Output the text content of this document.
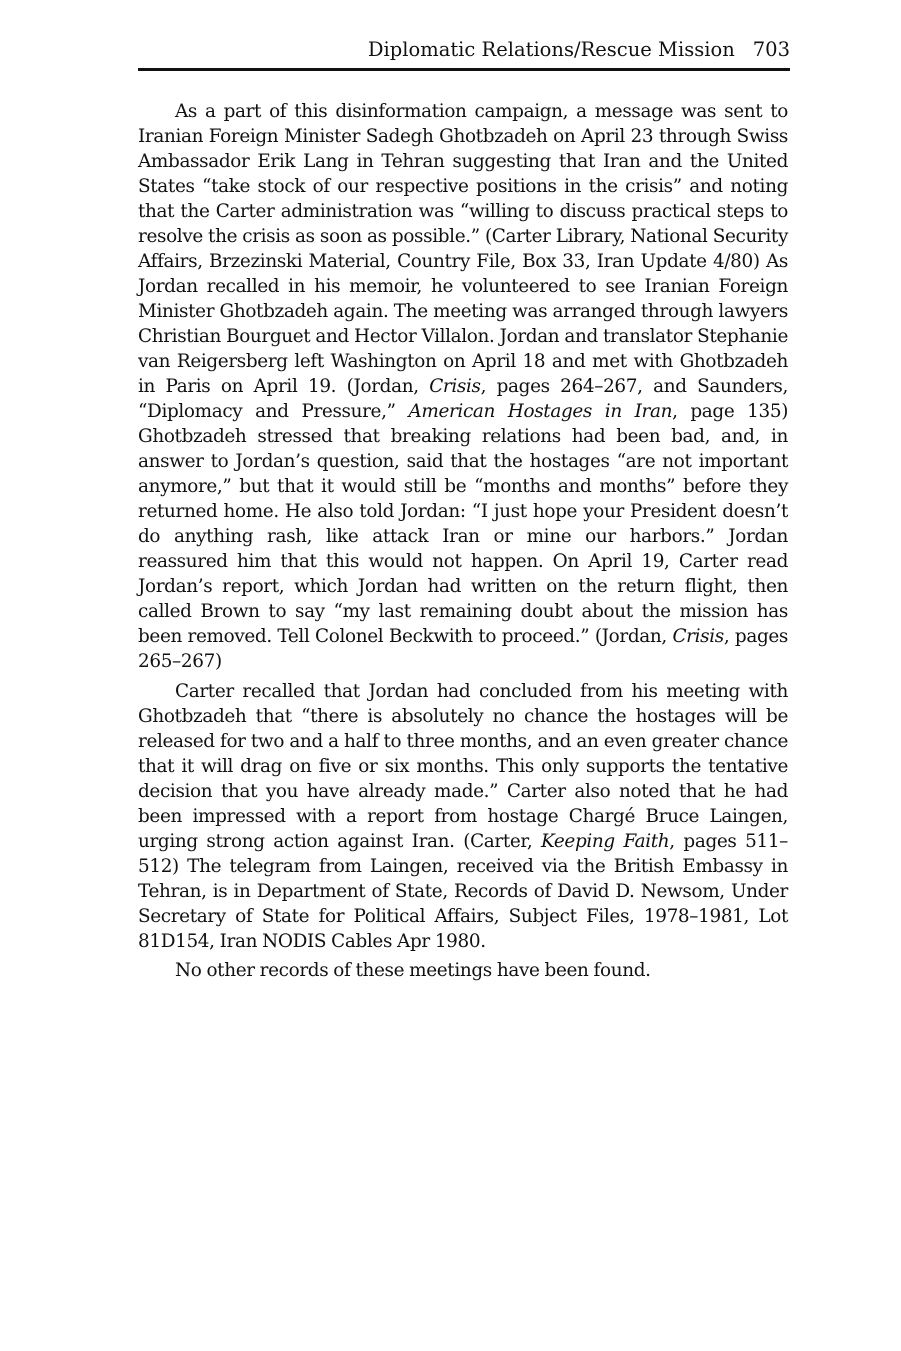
Diplomatic Relations/Rescue Mission 703

As a part of this disinformation campaign, a message was sent to Iranian Foreign Minister Sadegh Ghotbzadeh on April 23 through Swiss Ambassador Erik Lang in Tehran suggesting that Iran and the United States “take stock of our respective positions in the crisis” and noting that the Carter administration was “willing to discuss practical steps to resolve the crisis as soon as possible.” (Carter Library, National Security Affairs, Brzezinski Material, Country File, Box 33, Iran Update 4/80) As Jordan recalled in his memoir, he volunteered to see Iranian Foreign Minister Ghotbzadeh again. The meeting was arranged through lawyers Christian Bourguet and Hector Villalon. Jordan and translator Stephanie van Reigersberg left Washington on April 18 and met with Ghotbzadeh in Paris on April 19. (Jordan, Crisis, pages 264–267, and Saunders, “Diplomacy and Pressure,” American Hostages in Iran, page 135) Ghotbzadeh stressed that breaking relations had been bad, and, in answer to Jordan’s question, said that the hostages “are not important anymore,” but that it would still be “months and months” before they returned home. He also told Jordan: “I just hope your President doesn’t do anything rash, like attack Iran or mine our harbors.” Jordan reassured him that this would not happen. On April 19, Carter read Jordan’s report, which Jordan had written on the return flight, then called Brown to say “my last remaining doubt about the mission has been removed. Tell Colonel Beckwith to proceed.” (Jordan, Crisis, pages 265–267)

Carter recalled that Jordan had concluded from his meeting with Ghotbzadeh that “there is absolutely no chance the hostages will be released for two and a half to three months, and an even greater chance that it will drag on five or six months. This only supports the tentative decision that you have already made.” Carter also noted that he had been impressed with a report from hostage Chargé Bruce Laingen, urging strong action against Iran. (Carter, Keeping Faith, pages 511–512) The telegram from Laingen, received via the British Embassy in Tehran, is in Department of State, Records of David D. Newsom, Under Secretary of State for Political Affairs, Subject Files, 1978–1981, Lot 81D154, Iran NODIS Cables Apr 1980.

No other records of these meetings have been found.
